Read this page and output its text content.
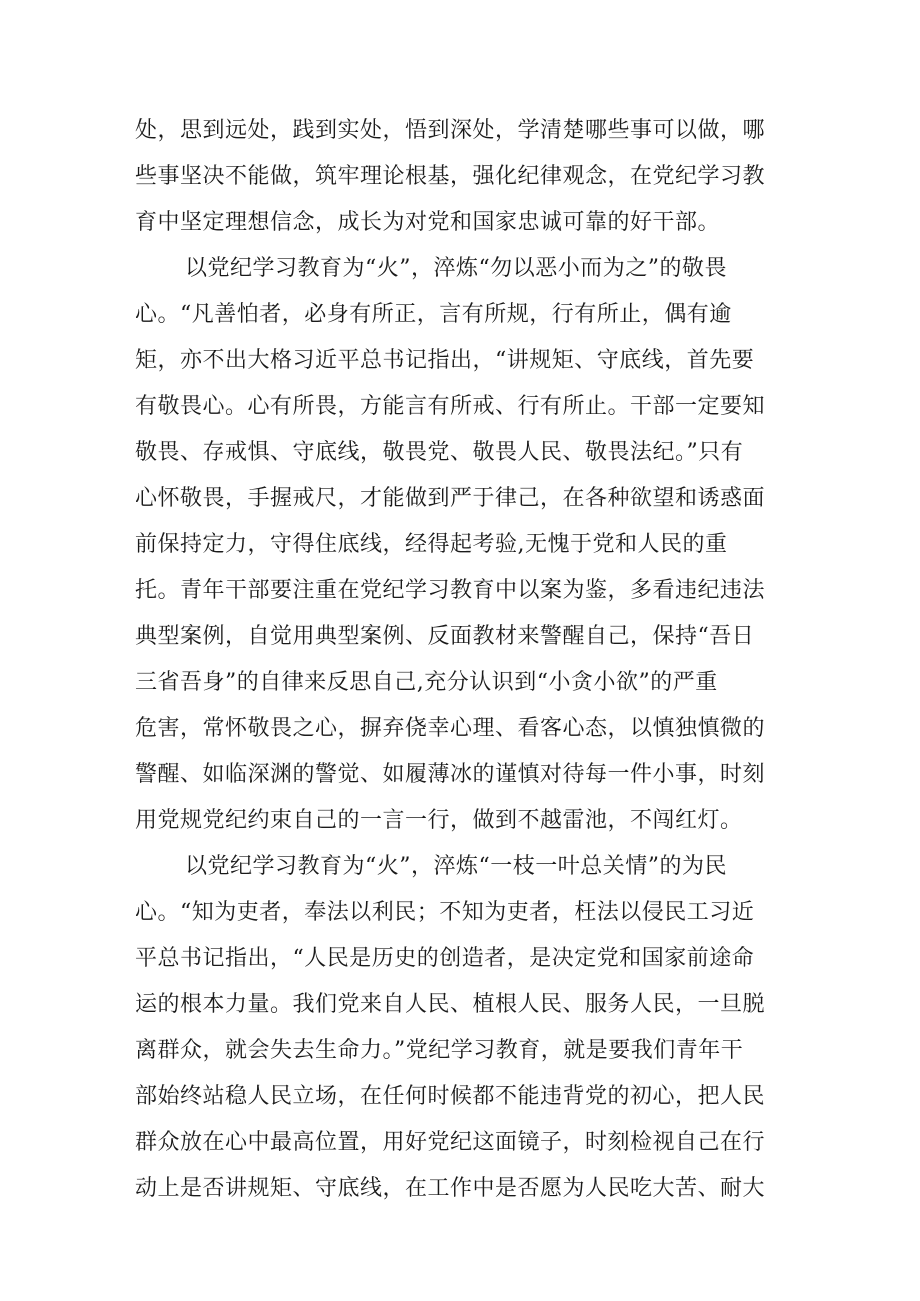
处，思到远处，践到实处，悟到深处，学清楚哪些事可以做，哪
些事坚决不能做，筑牢理论根基，强化纪律观念，在党纪学习教
育中坚定理想信念，成长为对党和国家忠诚可靠的好干部。
以党纪学习教育为“火”，淬炼“勿以恶小而为之”的敬畏
心。“凡善怕者，必身有所正，言有所规，行有所止，偶有逾
矩，亦不出大格习近平总书记指出，“讲规矩、守底线，首先要
有敬畏心。心有所畏，方能言有所戒、行有所止。干部一定要知
敬畏、存戒惧、守底线，敬畏党、敬畏人民、敬畏法纪。”只有
心怀敬畏，手握戒尺，才能做到严于律己，在各种欲望和诱惑面
前保持定力，守得住底线，经得起考验,无愧于党和人民的重
托。青年干部要注重在党纪学习教育中以案为鉴，多看违纪违法
典型案例，自觉用典型案例、反面教材来警醒自己，保持“吾日
三省吾身”的自律来反思自己,充分认识到“小贪小欲”的严重
危害，常怀敬畏之心，摒弃侥幸心理、看客心态，以慎独慎微的
警醒、如临深渊的警觉、如履薄冰的谨慎对待每一件小事，时刻
用党规党纪约束自己的一言一行，做到不越雷池，不闯红灯。
以党纪学习教育为“火”，淬炼“一枝一叶总关情”的为民
心。“知为吏者，奉法以利民；不知为吏者，枉法以侵民工习近
平总书记指出，“人民是历史的创造者，是决定党和国家前途命
运的根本力量。我们党来自人民、植根人民、服务人民，一旦脱
离群众，就会失去生命力。”党纪学习教育，就是要我们青年干
部始终站稳人民立场，在任何时候都不能违背党的初心，把人民
群众放在心中最高位置，用好党纪这面镜子，时刻检视自己在行
动上是否讲规矩、守底线，在工作中是否愿为人民吃大苦、耐大
